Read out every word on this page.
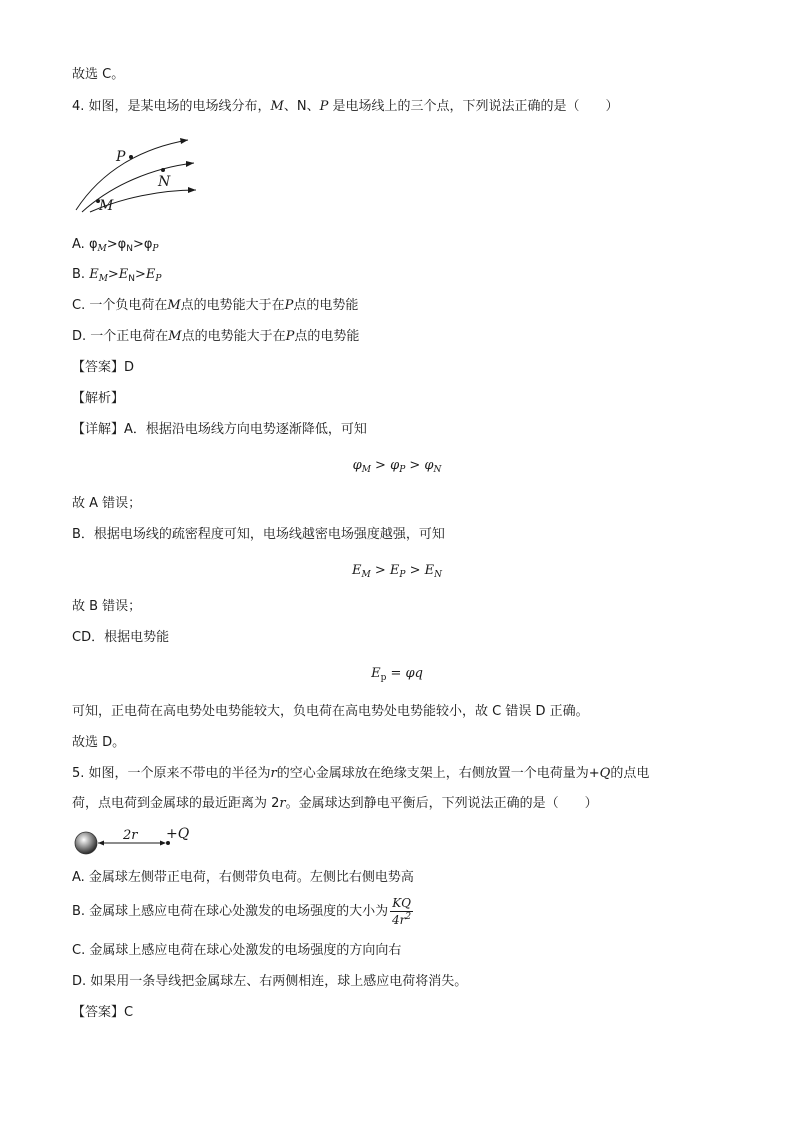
故选 C。
4. 如图，是某电场的电场线分布，M、N、P 是电场线上的三个点，下列说法正确的是（　　）
P
N
M
A. $\varphi_M>\varphi_N>\varphi_P$
B. $E_M>E_N>E_P$
C. 一个负电荷在M点的电势能大于在P点的电势能
D. 一个正电荷在M点的电势能大于在P点的电势能
【答案】D
【解析】
【详解】A．根据沿电场线方向电势逐渐降低，可知
$\varphi_M > \varphi_P > \varphi_N$
故 A 错误；
B．根据电场线的疏密程度可知，电场线越密电场强度越强，可知
$E_M > E_P > E_N$
故 B 错误；
CD．根据电势能
$E_p = \varphi q$
可知，正电荷在高电势处电势能较大，负电荷在高电势处电势能较小，故 C 错误 D 正确。
故选 D。
5. 如图，一个原来不带电的半径为r的空心金属球放在绝缘支架上，右侧放置一个电荷量为+Q的点电
荷，点电荷到金属球的最近距离为 2r。金属球达到静电平衡后，下列说法正确的是（　　）
2r +Q
A. 金属球左侧带正电荷，右侧带负电荷。左侧比右侧电势高
B. 金属球上感应电荷在球心处激发的电场强度的大小为 $\frac{KQ}{4r^2}$
C. 金属球上感应电荷在球心处激发的电场强度的方向向右
D. 如果用一条导线把金属球左、右两侧相连，球上感应电荷将消失。
【答案】C
